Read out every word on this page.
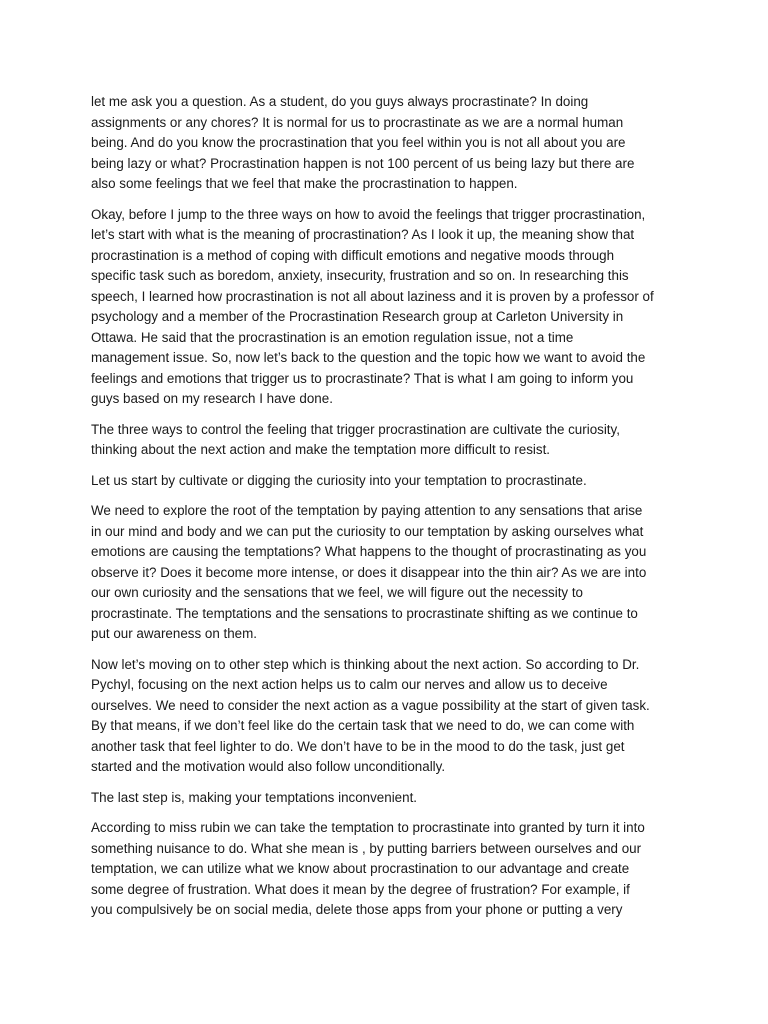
let me ask you a question. As a student, do you guys always procrastinate? In doing
assignments or any chores? It is normal for us to procrastinate as we are a normal human
being. And do you know the procrastination that you feel within you is not all about you are
being lazy or what? Procrastination happen is not 100 percent of us being lazy but there are
also some feelings that we feel that make the procrastination to happen.

Okay, before I jump to the three ways on how to avoid the feelings that trigger procrastination,
let’s start with what is the meaning of procrastination? As I look it up, the meaning show that
procrastination is a method of coping with difficult emotions and negative moods through
specific task such as boredom, anxiety, insecurity, frustration and so on. In researching this
speech, I learned how procrastination is not all about laziness and it is proven by a professor of
psychology and a member of the Procrastination Research group at Carleton University in
Ottawa. He said that the procrastination is an emotion regulation issue, not a time
management issue. So, now let’s back to the question and the topic how we want to avoid the
feelings and emotions that trigger us to procrastinate? That is what I am going to inform you
guys based on my research I have done.

The three ways to control the feeling that trigger procrastination are cultivate the curiosity,
thinking about the next action and make the temptation more difficult to resist.

Let us start by cultivate or digging the curiosity into your temptation to procrastinate.

We need to explore the root of the temptation by paying attention to any sensations that arise
in our mind and body and we can put the curiosity to our temptation by asking ourselves what
emotions are causing the temptations? What happens to the thought of procrastinating as you
observe it? Does it become more intense, or does it disappear into the thin air? As we are into
our own curiosity and the sensations that we feel, we will figure out the necessity to
procrastinate. The temptations and the sensations to procrastinate shifting as we continue to
put our awareness on them.

Now let’s moving on to other step which is thinking about the next action. So according to Dr.
Pychyl, focusing on the next action helps us to calm our nerves and allow us to deceive
ourselves. We need to consider the next action as a vague possibility at the start of given task.
By that means, if we don’t feel like do the certain task that we need to do, we can come with
another task that feel lighter to do. We don’t have to be in the mood to do the task, just get
started and the motivation would also follow unconditionally.

The last step is, making your temptations inconvenient.

According to miss rubin we can take the temptation to procrastinate into granted by turn it into
something nuisance to do. What she mean is , by putting barriers between ourselves and our
temptation, we can utilize what we know about procrastination to our advantage and create
some degree of frustration. What does it mean by the degree of frustration? For example, if
you compulsively be on social media, delete those apps from your phone or putting a very
